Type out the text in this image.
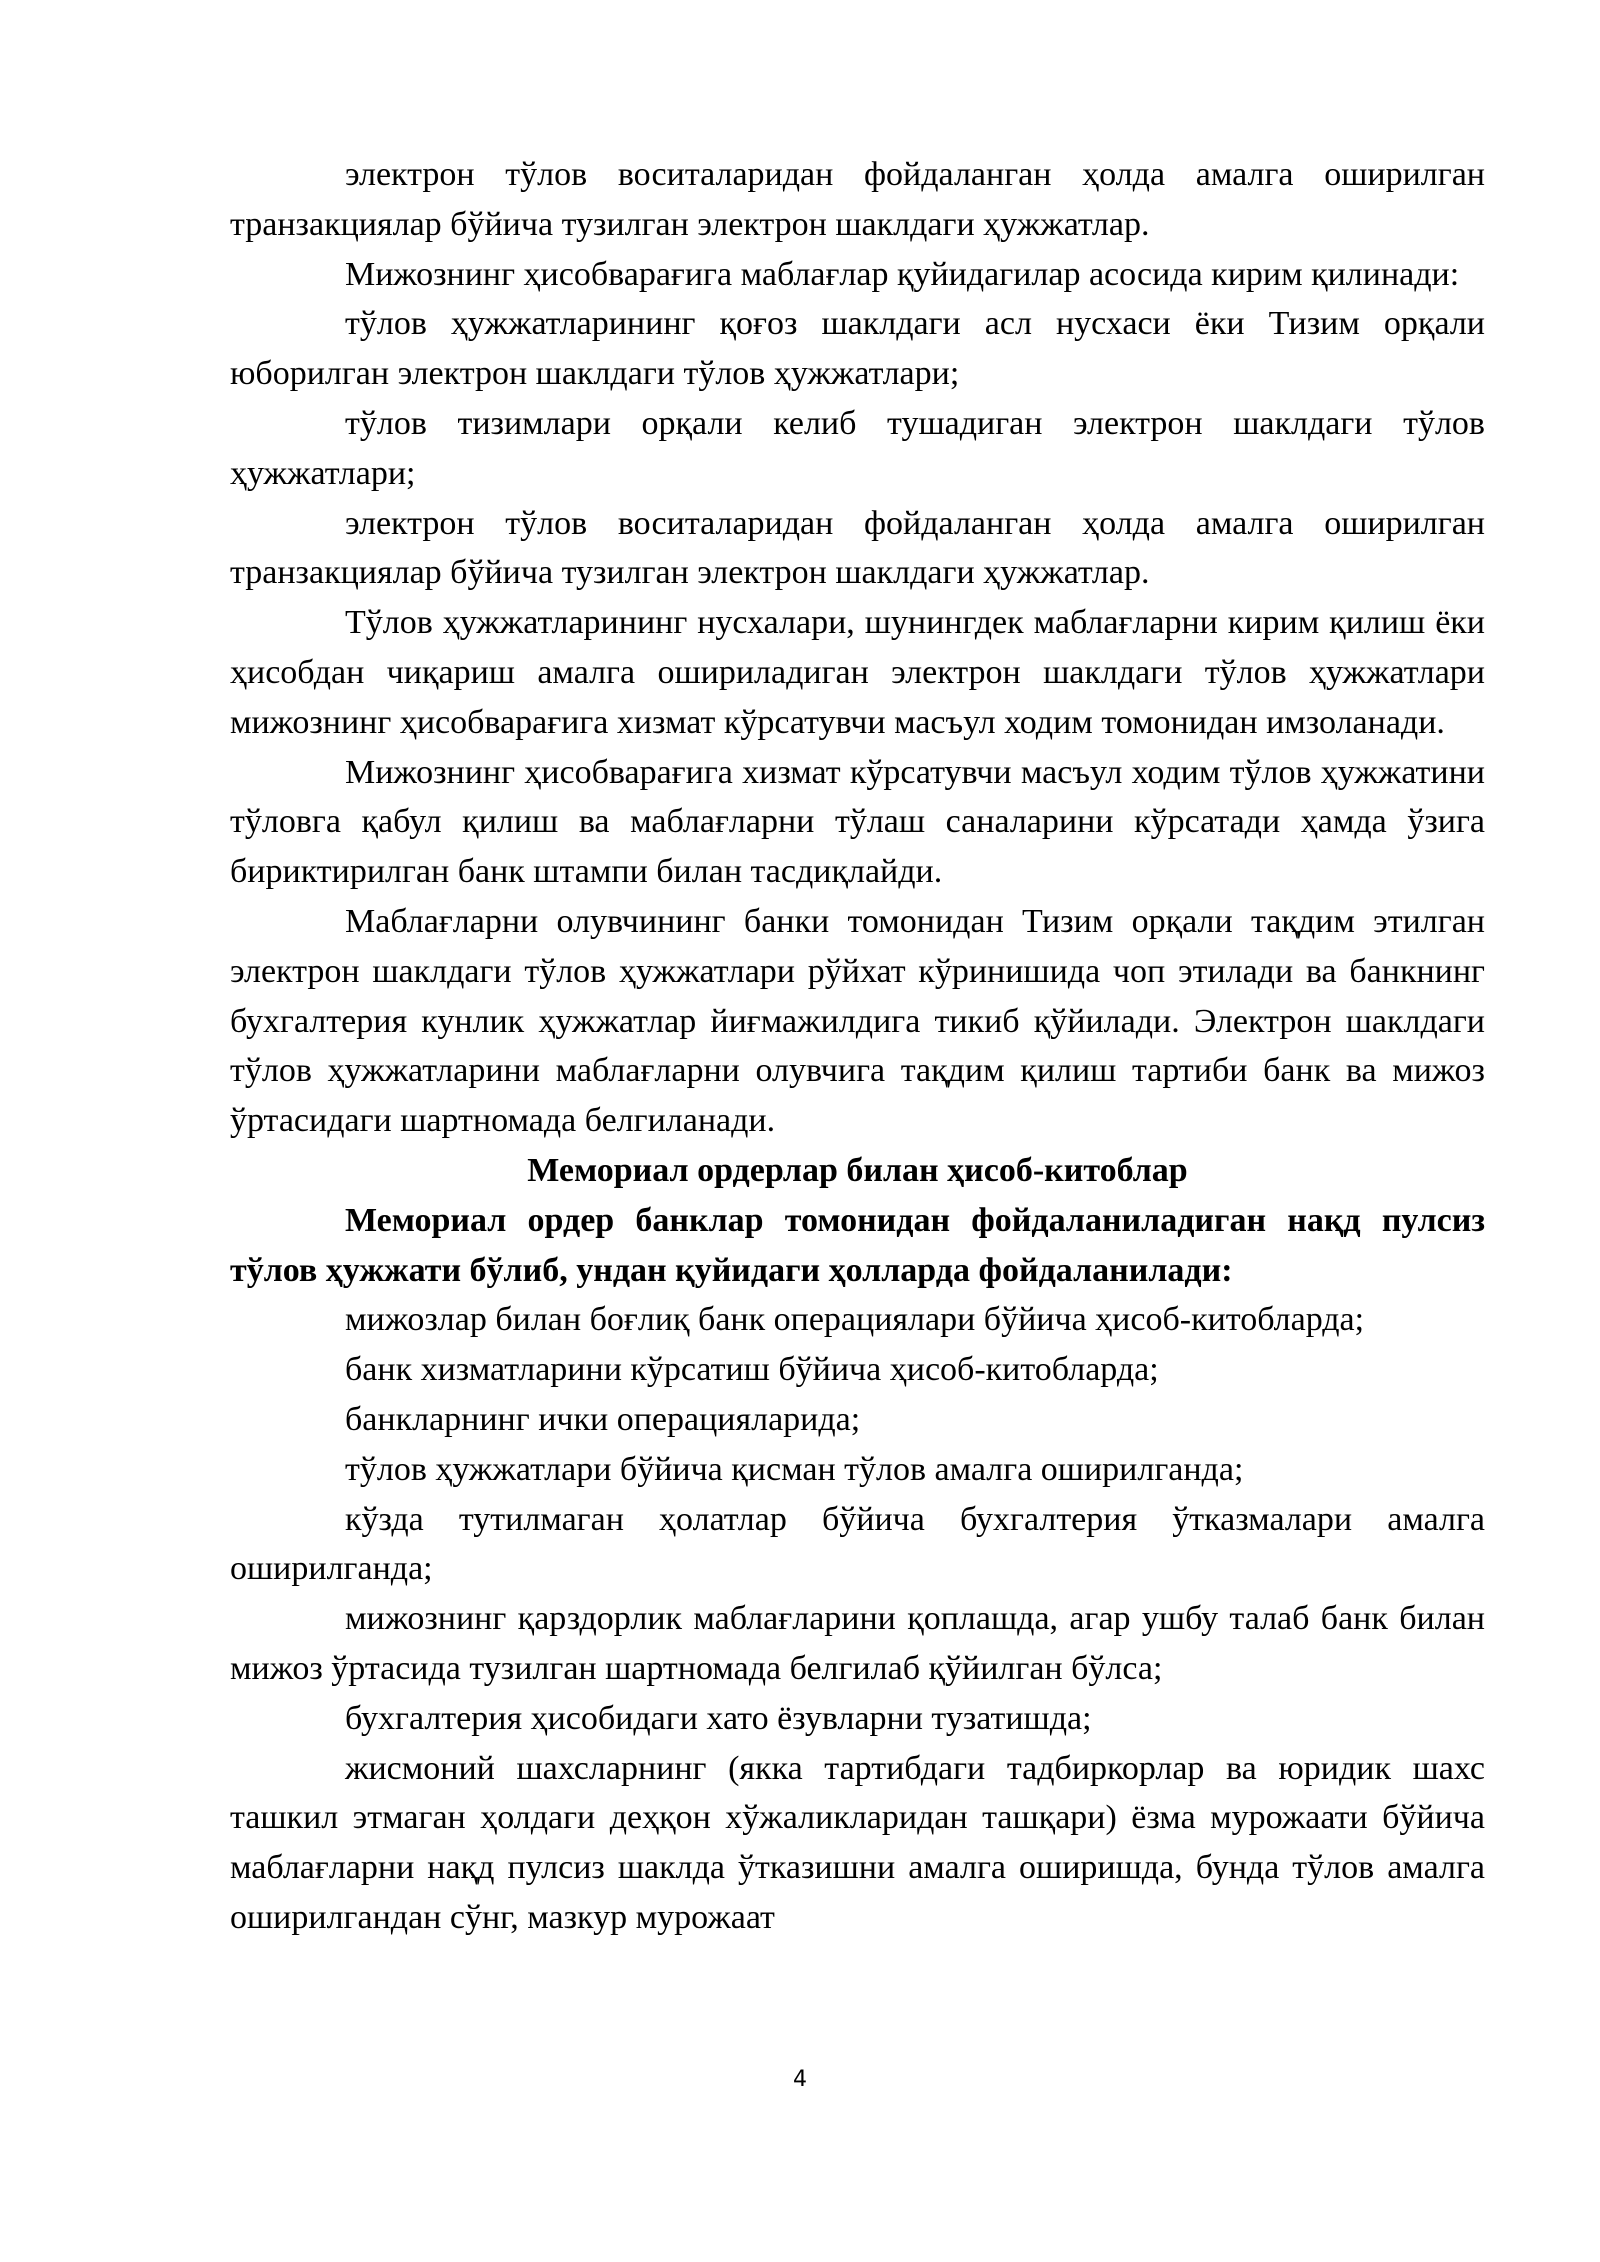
электрон тўлов воситаларидан фойдаланган ҳолда амалга оширилган транзакциялар бўйича тузилган электрон шаклдаги ҳужжатлар.

Мижознинг ҳисобварағига маблағлар қуйидагилар асосида кирим қилинади:

тўлов ҳужжатларининг қоғоз шаклдаги асл нусхаси ёки Тизим орқали юборилган электрон шаклдаги тўлов ҳужжатлари;

тўлов тизимлари орқали келиб тушадиган электрон шаклдаги тўлов ҳужжатлари;

электрон тўлов воситаларидан фойдаланган ҳолда амалга оширилган транзакциялар бўйича тузилган электрон шаклдаги ҳужжатлар.

Тўлов ҳужжатларининг нусхалари, шунингдек маблағларни кирим қилиш ёки ҳисобдан чиқариш амалга ошириладиган электрон шаклдаги тўлов ҳужжатлари мижознинг ҳисобварағига хизмат кўрсатувчи масъул ходим томонидан имзоланади.

Мижознинг ҳисобварағига хизмат кўрсатувчи масъул ходим тўлов ҳужжатини тўловга қабул қилиш ва маблағларни тўлаш саналарини кўрсатади ҳамда ўзига бириктирилган банк штампи билан тасдиқлайди.

Маблағларни олувчининг банки томонидан Тизим орқали тақдим этилган электрон шаклдаги тўлов ҳужжатлари рўйхат кўринишида чоп этилади ва банкнинг бухгалтерия кунлик ҳужжатлар йиғмажилдига тикиб қўйилади. Электрон шаклдаги тўлов ҳужжатларини маблағларни олувчига тақдим қилиш тартиби банк ва мижоз ўртасидаги шартномада белгиланади.

Мемориал ордерлар билан ҳисоб-китоблар

Мемориал ордер банклар томонидан фойдаланиладиган нақд пулсиз тўлов ҳужжати бўлиб, ундан қуйидаги ҳолларда фойдаланилади:

мижозлар билан боғлиқ банк операциялари бўйича ҳисоб-китобларда;

банк хизматларини кўрсатиш бўйича ҳисоб-китобларда;

банкларнинг ички операцияларида;

тўлов ҳужжатлари бўйича қисман тўлов амалга оширилганда;

кўзда тутилмаган ҳолатлар бўйича бухгалтерия ўтказмалари амалга оширилганда;

мижознинг қарздорлик маблағларини қоплашда, агар ушбу талаб банк билан мижоз ўртасида тузилган шартномада белгилаб қўйилган бўлса;

бухгалтерия ҳисобидаги хато ёзувларни тузатишда;

жисмоний шахсларнинг (якка тартибдаги тадбиркорлар ва юридик шахс ташкил этмаган ҳолдаги деҳқон хўжаликларидан ташқари) ёзма мурожаати бўйича маблағларни нақд пулсиз шаклда ўтказишни амалга оширишда, бунда тўлов амалга оширилгандан сўнг, мазкур мурожаат

4
